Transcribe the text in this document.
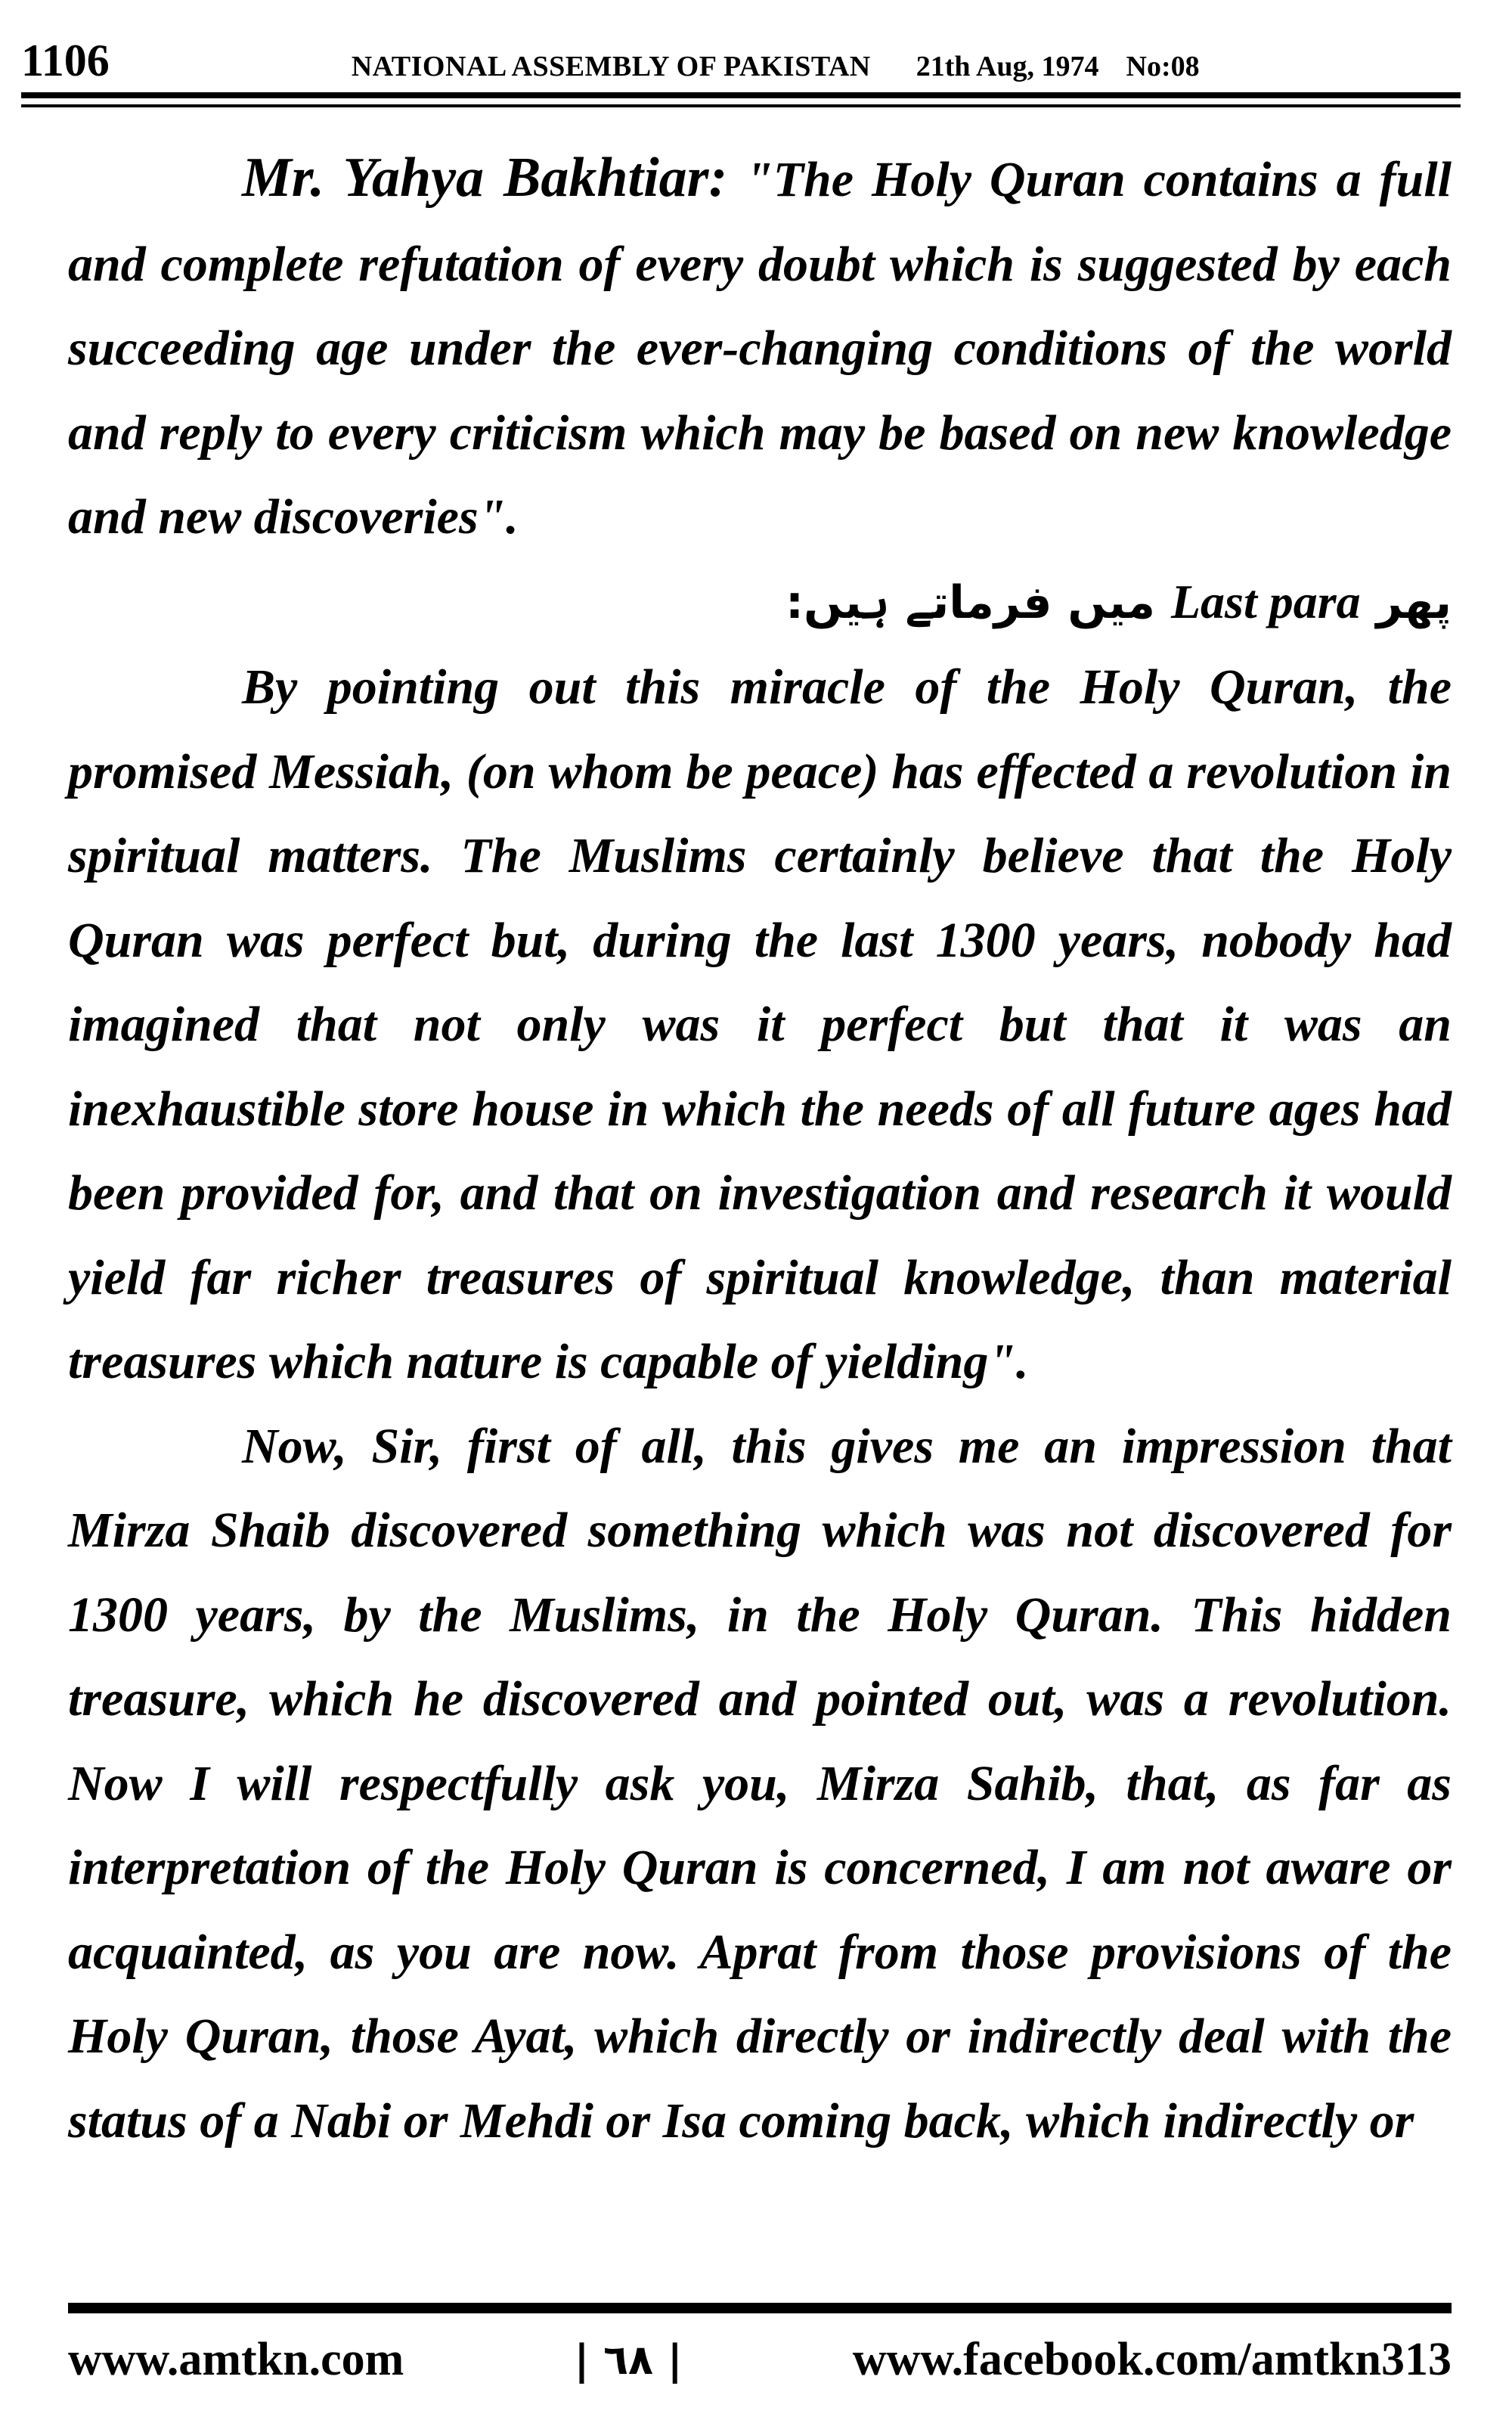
1106	NATIONAL ASSEMBLY OF PAKISTAN 21th Aug, 1974 No:08

Mr. Yahya Bakhtiar: "The Holy Quran contains a full and complete refutation of every doubt which is suggested by each succeeding age under the ever-changing conditions of the world and reply to every criticism which may be based on new knowledge and new discoveries".

پھر Last para میں فرماتے ہیں:

By pointing out this miracle of the Holy Quran, the promised Messiah, (on whom be peace) has effected a revolution in spiritual matters. The Muslims certainly believe that the Holy Quran was perfect but, during the last 1300 years, nobody had imagined that not only was it perfect but that it was an inexhaustible store house in which the needs of all future ages had been provided for, and that on investigation and research it would yield far richer treasures of spiritual knowledge, than material treasures which nature is capable of yielding".

Now, Sir, first of all, this gives me an impression that Mirza Shaib discovered something which was not discovered for 1300 years, by the Muslims, in the Holy Quran. This hidden treasure, which he discovered and pointed out, was a revolution. Now I will respectfully ask you, Mirza Sahib, that, as far as interpretation of the Holy Quran is concerned, I am not aware or acquainted, as you are now. Aprat from those provisions of the Holy Quran, those Ayat, which directly or indirectly deal with the status of a Nabi or Mehdi or Isa coming back, which indirectly or

www.amtkn.com	| ٦٨ |	www.facebook.com/amtkn313
